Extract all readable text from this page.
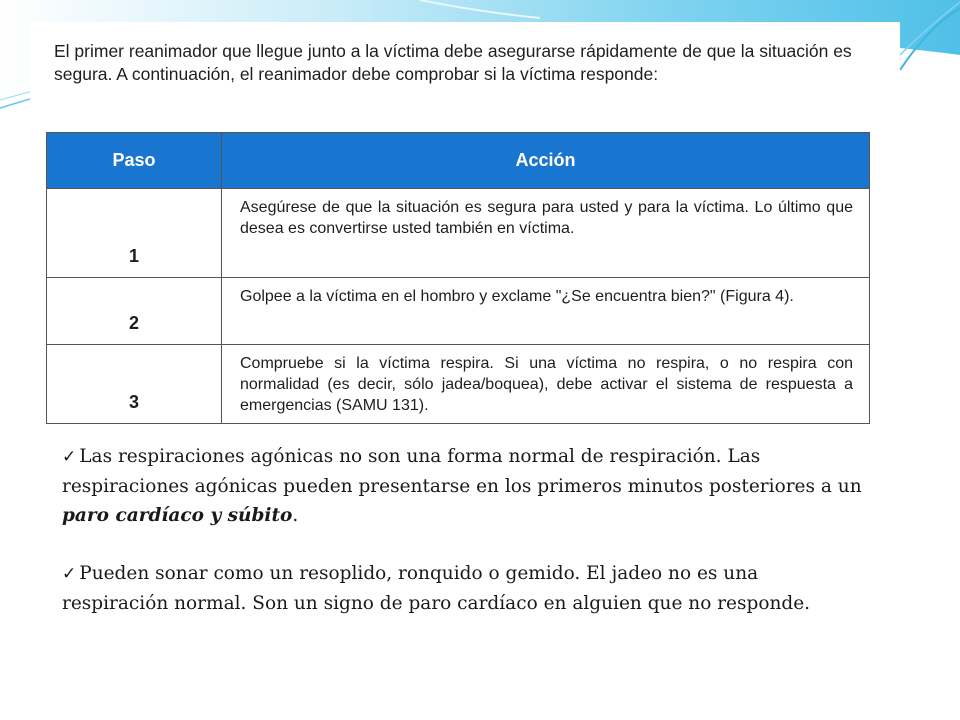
El primer reanimador que llegue junto a la víctima debe asegurarse rápidamente de que la situación es segura. A continuación, el reanimador debe comprobar si la víctima responde:

Paso	Acción
1	Asegúrese de que la situación es segura para usted y para la víctima. Lo último que desea es convertirse usted también en víctima.
2	Golpee a la víctima en el hombro y exclame "¿Se encuentra bien?" (Figura 4).
3	Compruebe si la víctima respira. Si una víctima no respira, o no respira con normalidad (es decir, sólo jadea/boquea), debe activar el sistema de respuesta a emergencias (SAMU 131).

✓ Las respiraciones agónicas no son una forma normal de respiración. Las respiraciones agónicas pueden presentarse en los primeros minutos posteriores a un paro cardíaco y súbito.

✓ Pueden sonar como un resoplido, ronquido o gemido. El jadeo no es una respiración normal. Son un signo de paro cardíaco en alguien que no responde.
